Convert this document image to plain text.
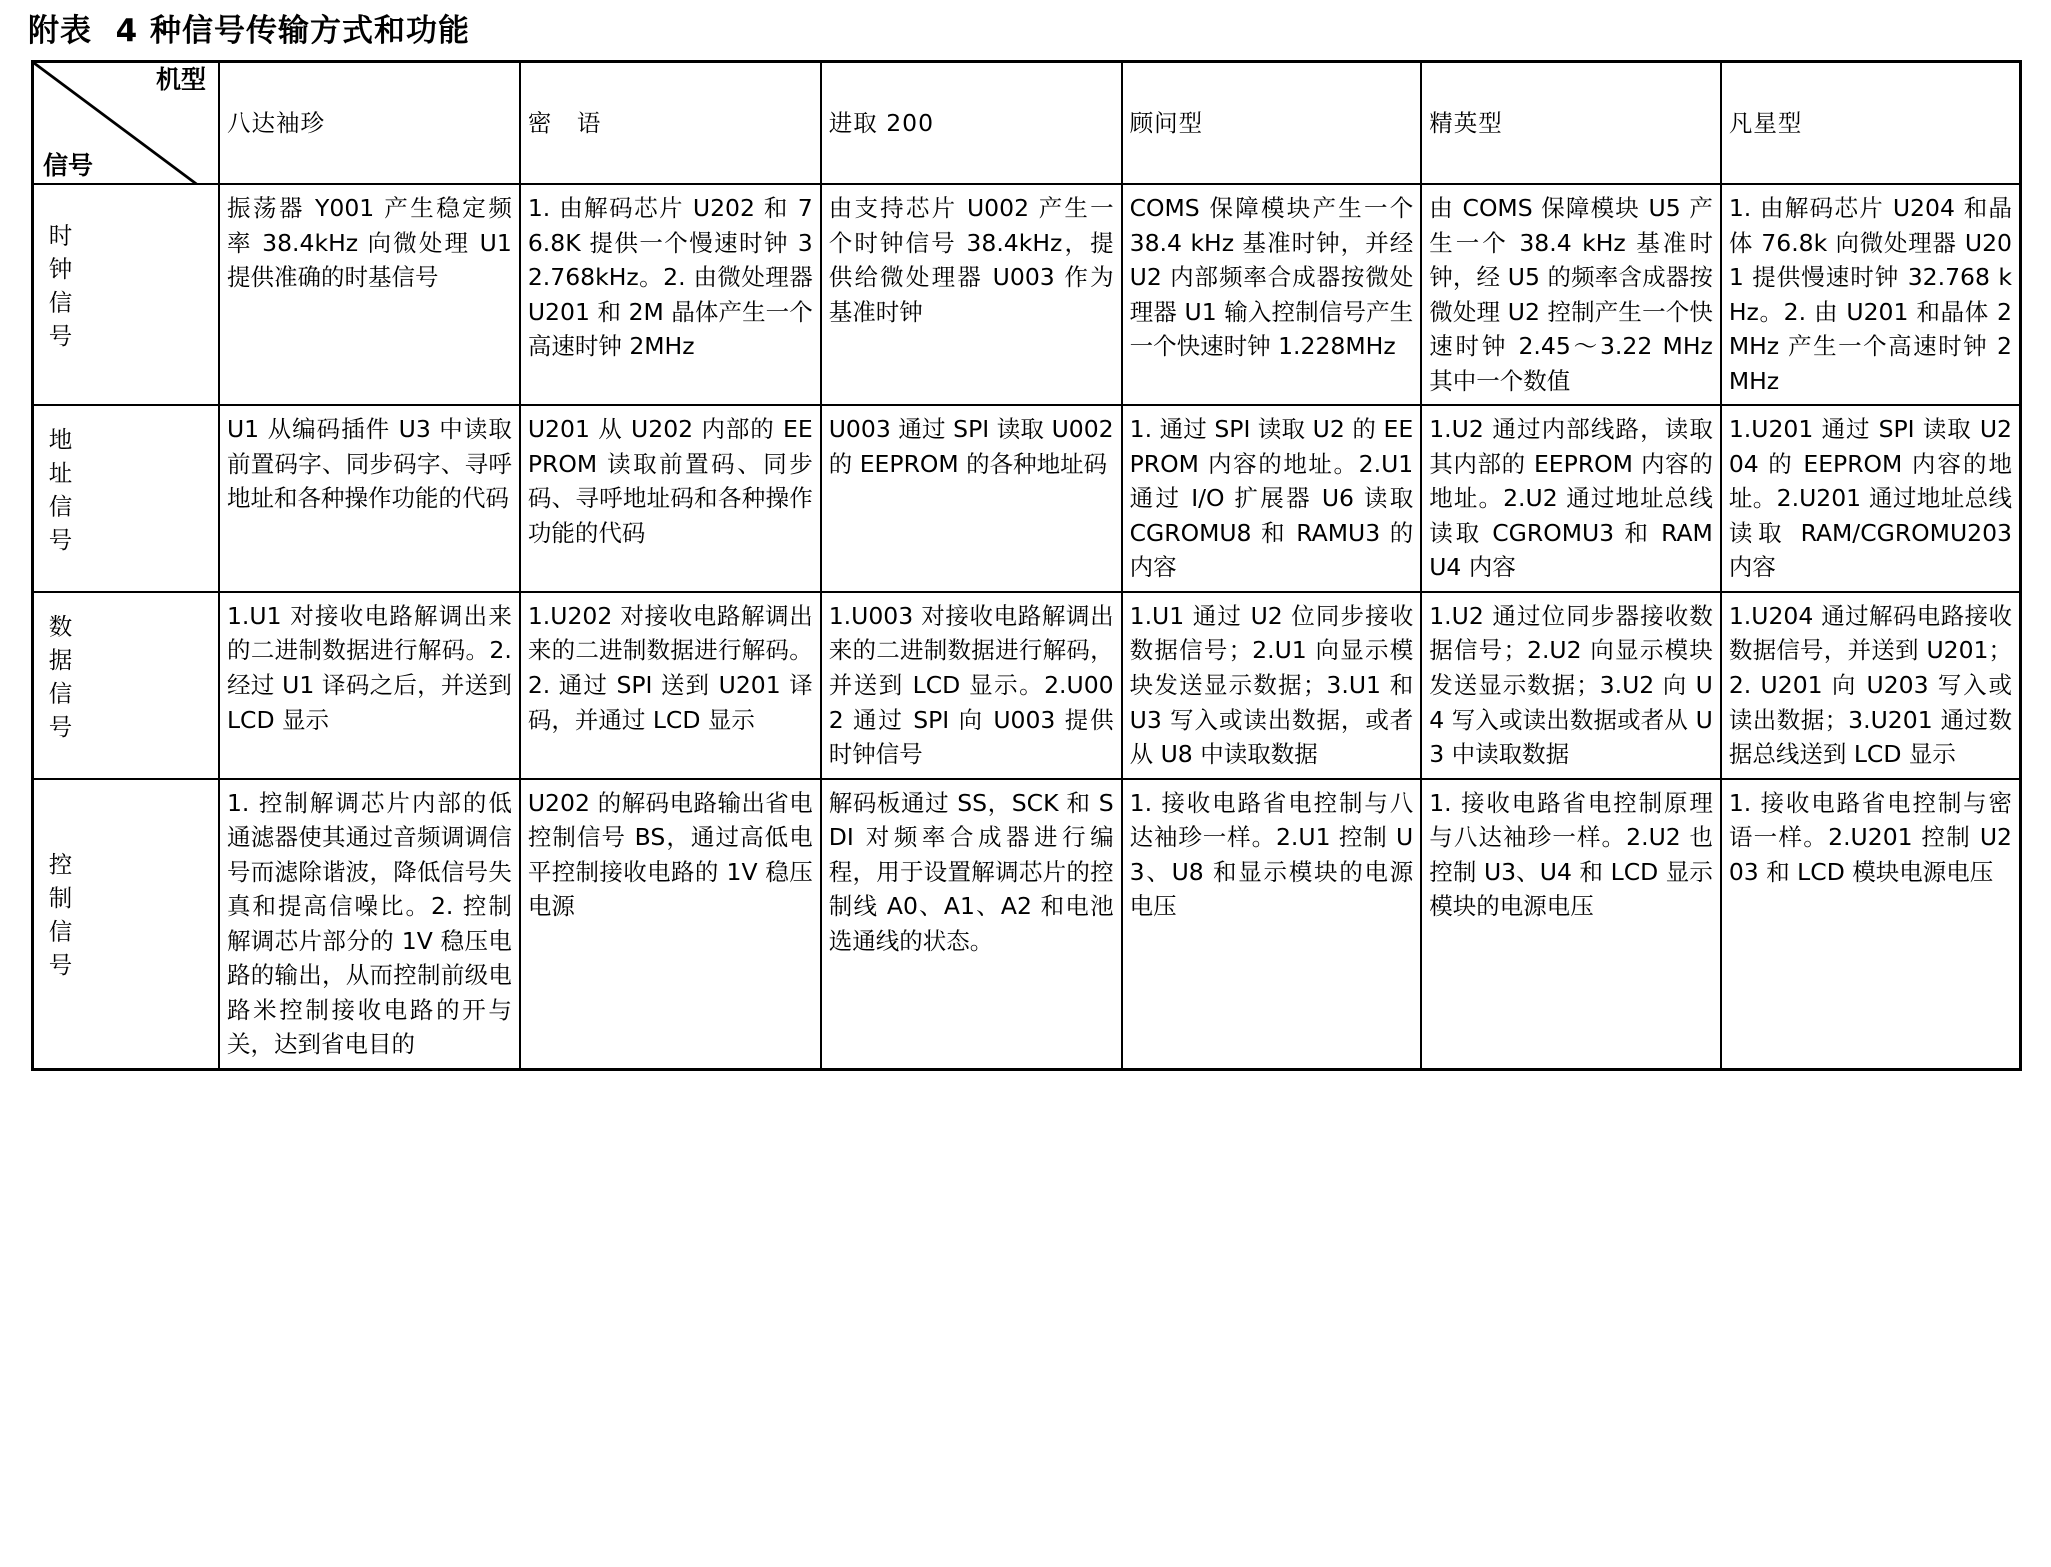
附表  4 种信号传输方式和功能
机型
信号	八达袖珍	密　语	进取 200	顾问型	精英型	凡星型
时钟信号	振荡器 Y001 产生稳定频率 38.4kHz 向微处理 U1 提供准确的时基信号	1. 由解码芯片 U202 和 76.8K 提供一个慢速时钟 32.768kHz。2. 由微处理器 U201 和 2M 晶体产生一个高速时钟 2MHz	由支持芯片 U002 产生一个时钟信号 38.4kHz，提供给微处理器 U003 作为基准时钟	COMS 保障模块产生一个 38.4 kHz 基准时钟，并经 U2 内部频率合成器按微处理器 U1 输入控制信号产生一个快速时钟 1.228MHz	由 COMS 保障模块 U5 产生一个 38.4 kHz 基准时钟，经 U5 的频率含成器按微处理 U2 控制产生一个快速时钟 2.45～3.22 MHz 其中一个数值	1. 由解码芯片 U204 和晶体 76.8k 向微处理器 U201 提供慢速时钟 32.768 kHz。2. 由 U201 和晶体 2MHz 产生一个高速时钟 2 MHz
地址信号	U1 从编码插件 U3 中读取前置码字、同步码字、寻呼地址和各种操作功能的代码	U201 从 U202 内部的 EEPROM 读取前置码、同步码、寻呼地址码和各种操作功能的代码	U003 通过 SPI 读取 U002 的 EEPROM 的各种地址码	1. 通过 SPI 读取 U2 的 EEPROM 内容的地址。2.U1 通过 I/O 扩展器 U6 读取 CGROMU8 和 RAMU3 的内容	1.U2 通过内部线路，读取其内部的 EEPROM 内容的地址。2.U2 通过地址总线读取 CGROMU3 和 RAMU4 内容	1.U201 通过 SPI 读取 U204 的 EEPROM 内容的地址。2.U201 通过地址总线读取 RAM/CGROMU203 内容
数据信号	1.U1 对接收电路解调出来的二进制数据进行解码。2. 经过 U1 译码之后，并送到 LCD 显示	1.U202 对接收电路解调出来的二进制数据进行解码。2. 通过 SPI 送到 U201 译码，并通过 LCD 显示	1.U003 对接收电路解调出来的二进制数据进行解码，并送到 LCD 显示。2.U002 通过 SPI 向 U003 提供时钟信号	1.U1 通过 U2 位同步接收数据信号；2.U1 向显示模块发送显示数据；3.U1 和 U3 写入或读出数据，或者从 U8 中读取数据	1.U2 通过位同步器接收数据信号；2.U2 向显示模块发送显示数据；3.U2 向 U4 写入或读出数据或者从 U3 中读取数据	1.U204 通过解码电路接收数据信号，并送到 U201；2. U201 向 U203 写入或读出数据；3.U201 通过数据总线送到 LCD 显示
控制信号	1. 控制解调芯片内部的低通滤器使其通过音频调调信号而滤除谐波，降低信号失真和提高信噪比。2. 控制解调芯片部分的 1V 稳压电路的输出，从而控制前级电路米控制接收电路的开与关，达到省电目的	U202 的解码电路输出省电控制信号 BS，通过高低电平控制接收电路的 1V 稳压电源	解码板通过 SS，SCK 和 SDI 对频率合成器进行编程，用于设置解调芯片的控制线 A0、A1、A2 和电池选通线的状态。	1. 接收电路省电控制与八达袖珍一样。2.U1 控制 U3、U8 和显示模块的电源电压	1. 接收电路省电控制原理与八达袖珍一样。2.U2 也控制 U3、U4 和 LCD 显示模块的电源电压	1. 接收电路省电控制与密语一样。2.U201 控制 U203 和 LCD 模块电源电压
